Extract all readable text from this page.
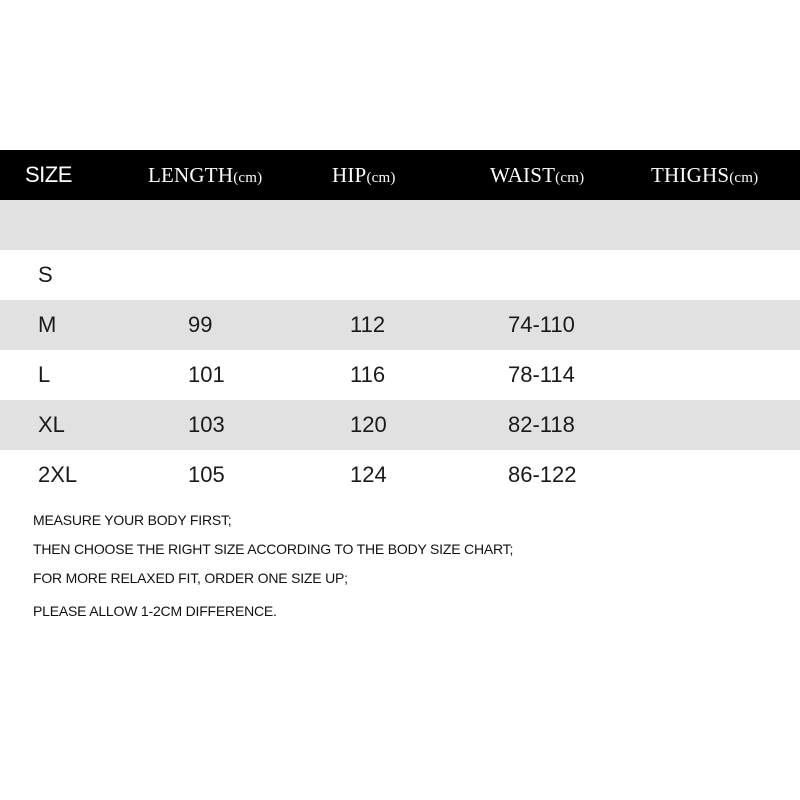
SIZE	LENGTH(cm)	HIP(cm)	WAIST(cm)	THIGHS(cm)
S
M	99	112	74-110
L	101	116	78-114
XL	103	120	82-118
2XL	105	124	86-122
MEASURE YOUR BODY FIRST;
THEN CHOOSE THE RIGHT SIZE ACCORDING TO THE BODY SIZE CHART;
FOR MORE RELAXED FIT, ORDER ONE SIZE UP;
PLEASE ALLOW 1-2CM DIFFERENCE.
